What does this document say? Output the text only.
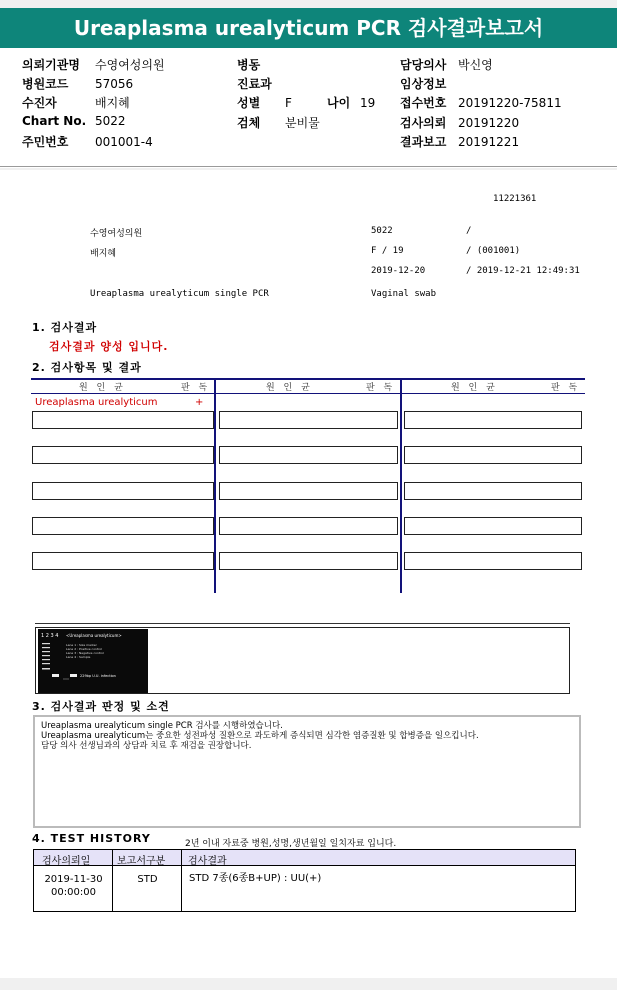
Ureaplasma urealyticum PCR 검사결과보고서
의뢰기관명 수영여성의원
병원코드 57056
수진자	배지혜
Chart No. 5022
주민번호 001001-4
병동
진료과
성별 F	나이 19
검체 분비물
담당의사 박신영
임상정보
접수번호 20191220-75811
검사의뢰 20191220
결과보고 20191221
11221361
수영여성의원	5022	/
배지혜	F / 19	/ (001001)
2019-12-20	/ 2019-12-21 12:49:31
Ureaplasma urealyticum single PCR	Vaginal swab
1. 검사결과
검사결과 양성 입니다.
2. 검사항목 및 결과
원 인 균	판 독	원 인 균	판 독	원 인 균	판 독
Ureaplasma urealyticum	+
1 2 3 4 <Ureaplasma urealyticum>
Lane 1 : Size marker
Lane 2 : Positive control
Lane 3 : Negative control
Lane 4 : Sample
229bp U.U. infection
3. 검사결과 판정 및 소견
Ureaplasma urealyticum single PCR 검사를 시행하였습니다.
Ureaplasma urealyticum는 중요한 성전파성 질환으로 과도하게 증식되면 심각한 염증질환 및 합병증을 일으킵니다.
담당 의사 선생님과의 상담과 치료 후 재검을 권장합니다.
4. TEST HISTORY	2년 이내 자료중 병원,성명,생년월일 일치자료 입니다.
검사의뢰일	보고서구분 검사결과
2019-11-30
00:00:00
STD	STD 7종(6종B+UP) : UU(+)
